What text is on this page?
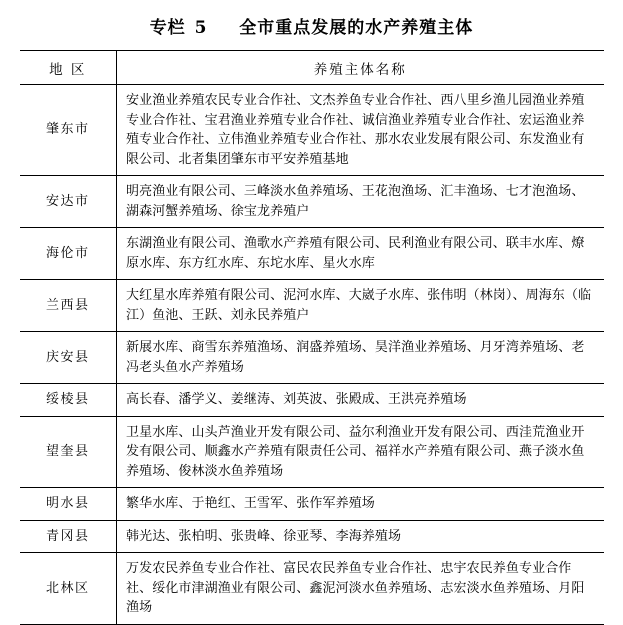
专栏 5 全市重点发展的水产养殖主体
地 区	养殖主体名称
肇东市	安业渔业养殖农民专业合作社、文杰养鱼专业合作社、西八里乡渔儿园渔业养殖专业合作社、宝君渔业养殖专业合作社、诚信渔业养殖专业合作社、宏运渔业养殖专业合作社、立伟渔业养殖专业合作社、那水农业发展有限公司、东发渔业有限公司、北者集团肇东市平安养殖基地
安达市	明亮渔业有限公司、三峰淡水鱼养殖场、王花泡渔场、汇丰渔场、七才泡渔场、湖森河蟹养殖场、徐宝龙养殖户
海伦市	东湖渔业有限公司、渔歌水产养殖有限公司、民利渔业有限公司、联丰水库、燎原水库、东方红水库、东坨水库、星火水库
兰西县	大红星水库养殖有限公司、泥河水库、大崴子水库、张伟明（林岗）、周海东（临江）鱼池、王跃、刘永民养殖户
庆安县	新展水库、商雪东养殖渔场、润盛养殖场、昊洋渔业养殖场、月牙湾养殖场、老冯老头鱼水产养殖场
绥棱县	高长春、潘学义、姜继涛、刘英波、张殿成、王洪亮养殖场
望奎县	卫星水库、山头芦渔业开发有限公司、益尔利渔业开发有限公司、西洼荒渔业开发有限公司、顺鑫水产养殖有限责任公司、福祥水产养殖有限公司、燕子淡水鱼养殖场、俊林淡水鱼养殖场
明水县	繁华水库、于艳红、王雪军、张作军养殖场
青冈县	韩光达、张柏明、张贵峰、徐亚琴、李海养殖场
北林区	万发农民养鱼专业合作社、富民农民养鱼专业合作社、忠宇农民养鱼专业合作社、绥化市津湖渔业有限公司、鑫泥河淡水鱼养殖场、志宏淡水鱼养殖场、月阳渔场
